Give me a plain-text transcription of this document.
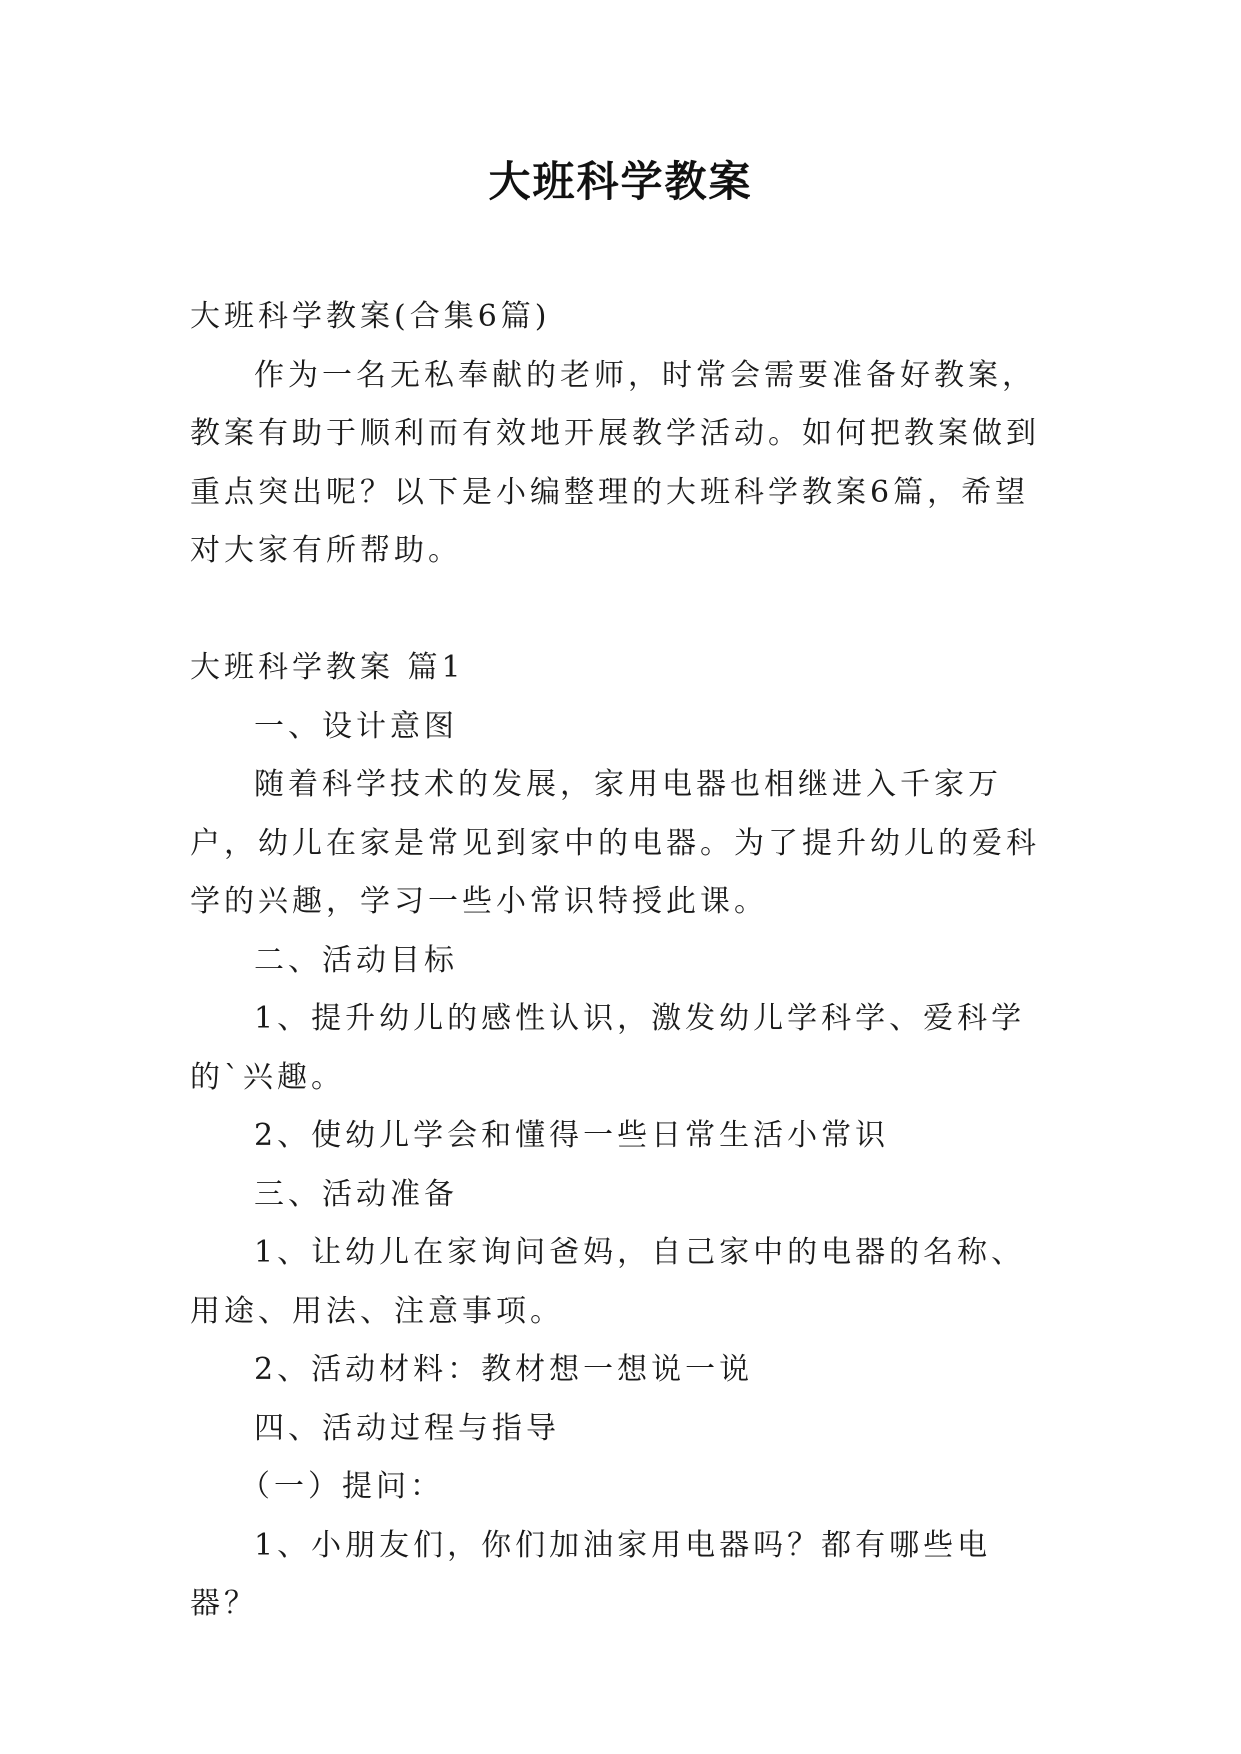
大班科学教案

大班科学教案(合集6篇)

作为一名无私奉献的老师，时常会需要准备好教案，教案有助于顺利而有效地开展教学活动。如何把教案做到重点突出呢？以下是小编整理的大班科学教案6篇，希望对大家有所帮助。

大班科学教案 篇1

一、设计意图

随着科学技术的发展，家用电器也相继进入千家万户，幼儿在家是常见到家中的电器。为了提升幼儿的爱科学的兴趣，学习一些小常识特授此课。

二、活动目标

1、提升幼儿的感性认识，激发幼儿学科学、爱科学的`兴趣。

2、使幼儿学会和懂得一些日常生活小常识

三、活动准备

1、让幼儿在家询问爸妈，自己家中的电器的名称、用途、用法、注意事项。

2、活动材料：教材想一想说一说

四、活动过程与指导

（一）提问：

1、小朋友们，你们加油家用电器吗？都有哪些电器？
